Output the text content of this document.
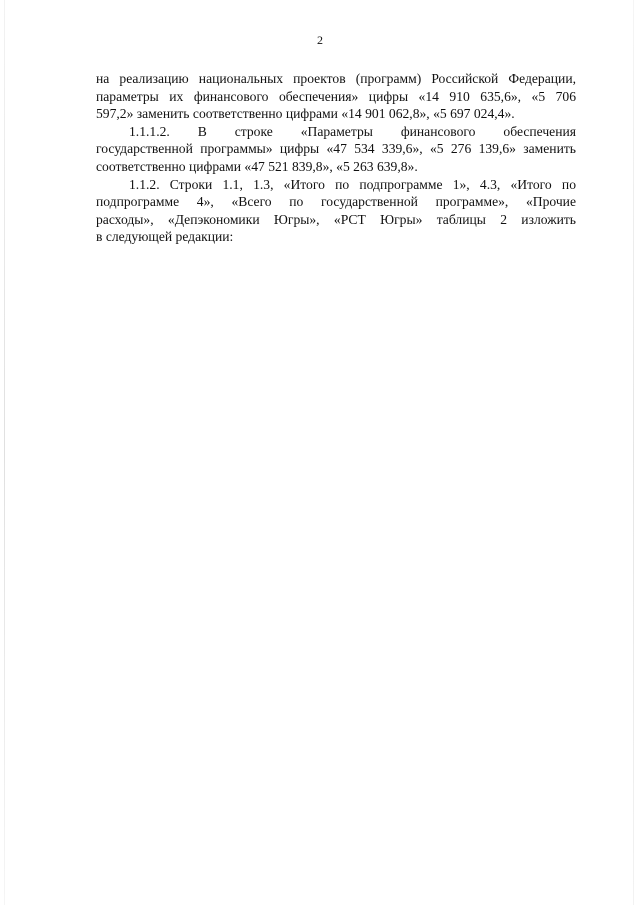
2
на реализацию национальных проектов (программ) Российской Федерации,
параметры их финансового обеспечения» цифры «14 910 635,6», «5 706
597,2» заменить соответственно цифрами «14 901 062,8», «5 697 024,4».
1.1.1.2. В строке «Параметры финансового обеспечения
государственной программы» цифры «47 534 339,6», «5 276 139,6» заменить
соответственно цифрами «47 521 839,8», «5 263 639,8».
1.1.2. Строки 1.1, 1.3, «Итого по подпрограмме 1», 4.3, «Итого по
подпрограмме 4», «Всего по государственной программе», «Прочие
расходы», «Депэкономики Югры», «РСТ Югры» таблицы 2 изложить
в следующей редакции:
